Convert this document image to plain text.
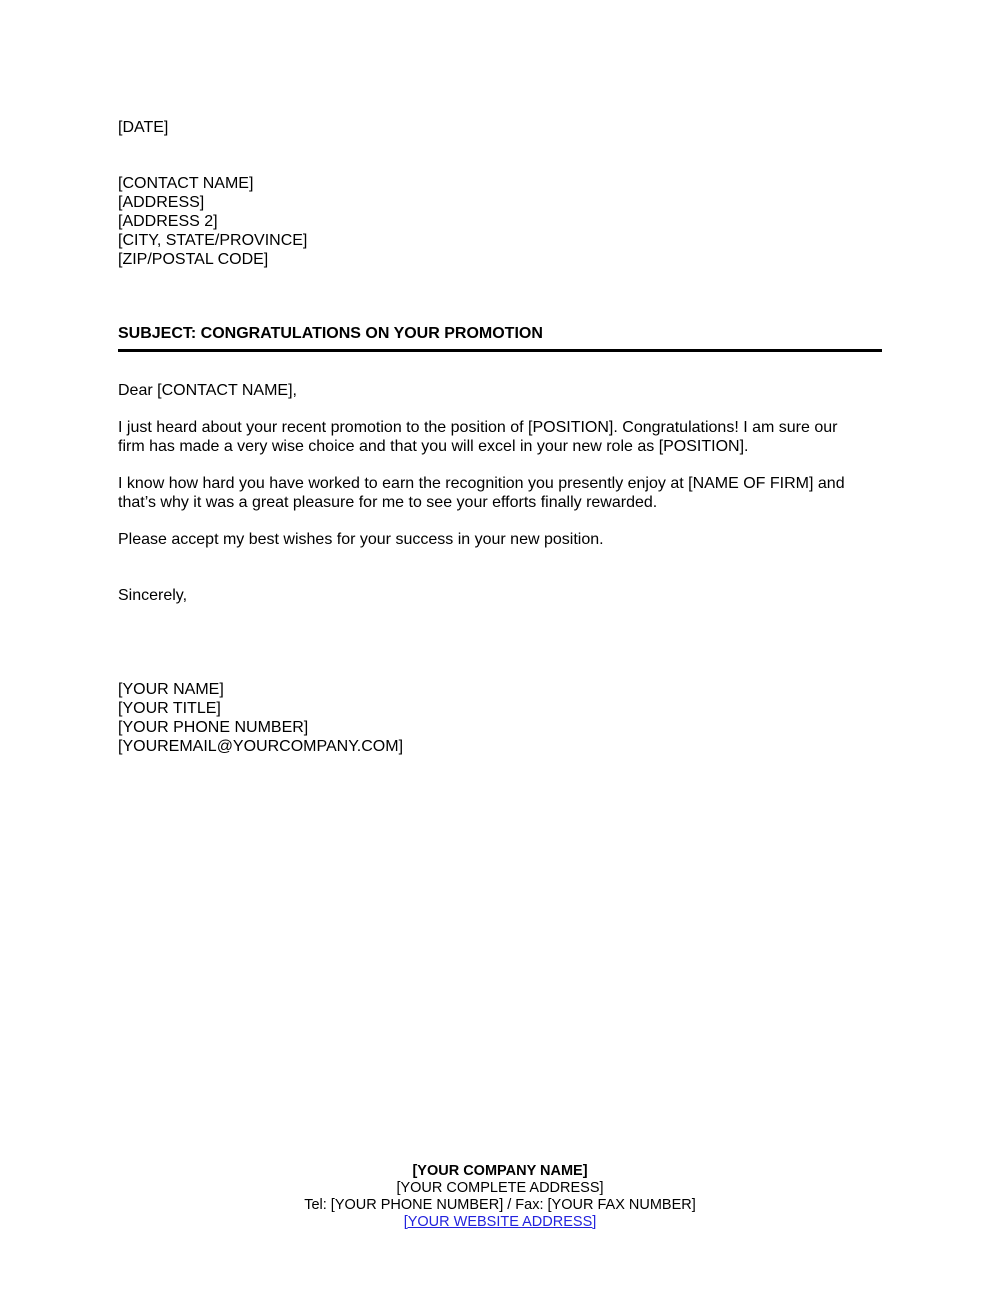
[DATE]
[CONTACT NAME]
[ADDRESS]
[ADDRESS 2]
[CITY, STATE/PROVINCE]
[ZIP/POSTAL CODE]
SUBJECT: CONGRATULATIONS ON YOUR PROMOTION
Dear [CONTACT NAME],
I just heard about your recent promotion to the position of [POSITION]. Congratulations! I am sure our
firm has made a very wise choice and that you will excel in your new role as [POSITION].
I know how hard you have worked to earn the recognition you presently enjoy at [NAME OF FIRM] and
that’s why it was a great pleasure for me to see your efforts finally rewarded.
Please accept my best wishes for your success in your new position.
Sincerely,
[YOUR NAME]
[YOUR TITLE]
[YOUR PHONE NUMBER]
[YOUREMAIL@YOURCOMPANY.COM]
[YOUR COMPANY NAME]
[YOUR COMPLETE ADDRESS]
Tel: [YOUR PHONE NUMBER] / Fax: [YOUR FAX NUMBER]
[YOUR WEBSITE ADDRESS]
